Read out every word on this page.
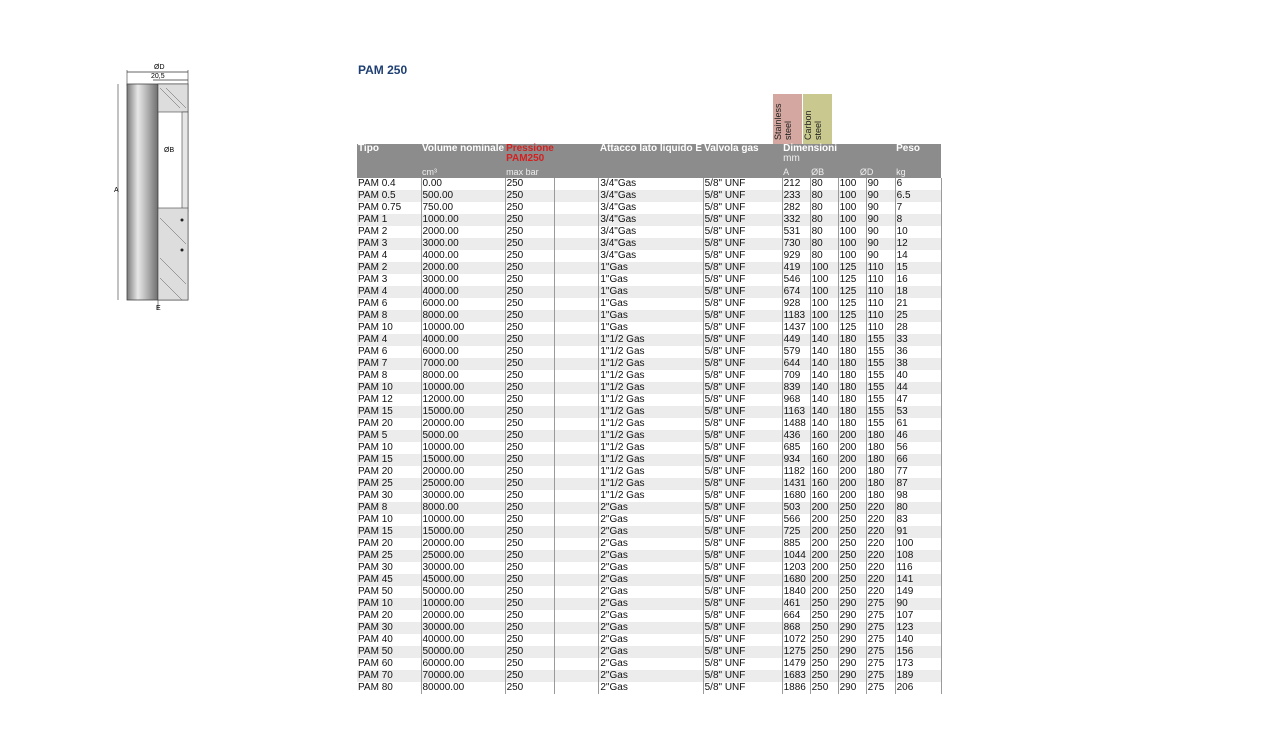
ØD
20,5
A
ØB
E
PAM 250
Stainless steel	Carbon steel
Tipo	Volume nominale	Pressione
PAM250		Attacco lato liquido E	Valvola gas	Dimensioni
mm				Peso
	cm³	max bar				A	ØB	ØD		kg
PAM 0.4	0.00	250		3/4"Gas	5/8" UNF	212	80	100	90	6
PAM 0.5	500.00	250		3/4"Gas	5/8" UNF	233	80	100	90	6.5
PAM 0.75	750.00	250		3/4"Gas	5/8" UNF	282	80	100	90	7
PAM 1	1000.00	250		3/4"Gas	5/8" UNF	332	80	100	90	8
PAM 2	2000.00	250		3/4"Gas	5/8" UNF	531	80	100	90	10
PAM 3	3000.00	250		3/4"Gas	5/8" UNF	730	80	100	90	12
PAM 4	4000.00	250		3/4"Gas	5/8" UNF	929	80	100	90	14
PAM 2	2000.00	250		1"Gas	5/8" UNF	419	100	125	110	15
PAM 3	3000.00	250		1"Gas	5/8" UNF	546	100	125	110	16
PAM 4	4000.00	250		1"Gas	5/8" UNF	674	100	125	110	18
PAM 6	6000.00	250		1"Gas	5/8" UNF	928	100	125	110	21
PAM 8	8000.00	250		1"Gas	5/8" UNF	1183	100	125	110	25
PAM 10	10000.00	250		1"Gas	5/8" UNF	1437	100	125	110	28
PAM 4	4000.00	250		1"1/2 Gas	5/8" UNF	449	140	180	155	33
PAM 6	6000.00	250		1"1/2 Gas	5/8" UNF	579	140	180	155	36
PAM 7	7000.00	250		1"1/2 Gas	5/8" UNF	644	140	180	155	38
PAM 8	8000.00	250		1"1/2 Gas	5/8" UNF	709	140	180	155	40
PAM 10	10000.00	250		1"1/2 Gas	5/8" UNF	839	140	180	155	44
PAM 12	12000.00	250		1"1/2 Gas	5/8" UNF	968	140	180	155	47
PAM 15	15000.00	250		1"1/2 Gas	5/8" UNF	1163	140	180	155	53
PAM 20	20000.00	250		1"1/2 Gas	5/8" UNF	1488	140	180	155	61
PAM 5	5000.00	250		1"1/2 Gas	5/8" UNF	436	160	200	180	46
PAM 10	10000.00	250		1"1/2 Gas	5/8" UNF	685	160	200	180	56
PAM 15	15000.00	250		1"1/2 Gas	5/8" UNF	934	160	200	180	66
PAM 20	20000.00	250		1"1/2 Gas	5/8" UNF	1182	160	200	180	77
PAM 25	25000.00	250		1"1/2 Gas	5/8" UNF	1431	160	200	180	87
PAM 30	30000.00	250		1"1/2 Gas	5/8" UNF	1680	160	200	180	98
PAM 8	8000.00	250		2"Gas	5/8" UNF	503	200	250	220	80
PAM 10	10000.00	250		2"Gas	5/8" UNF	566	200	250	220	83
PAM 15	15000.00	250		2"Gas	5/8" UNF	725	200	250	220	91
PAM 20	20000.00	250		2"Gas	5/8" UNF	885	200	250	220	100
PAM 25	25000.00	250		2"Gas	5/8" UNF	1044	200	250	220	108
PAM 30	30000.00	250		2"Gas	5/8" UNF	1203	200	250	220	116
PAM 45	45000.00	250		2"Gas	5/8" UNF	1680	200	250	220	141
PAM 50	50000.00	250		2"Gas	5/8" UNF	1840	200	250	220	149
PAM 10	10000.00	250		2"Gas	5/8" UNF	461	250	290	275	90
PAM 20	20000.00	250		2"Gas	5/8" UNF	664	250	290	275	107
PAM 30	30000.00	250		2"Gas	5/8" UNF	868	250	290	275	123
PAM 40	40000.00	250		2"Gas	5/8" UNF	1072	250	290	275	140
PAM 50	50000.00	250		2"Gas	5/8" UNF	1275	250	290	275	156
PAM 60	60000.00	250		2"Gas	5/8" UNF	1479	250	290	275	173
PAM 70	70000.00	250		2"Gas	5/8" UNF	1683	250	290	275	189
PAM 80	80000.00	250		2"Gas	5/8" UNF	1886	250	290	275	206
